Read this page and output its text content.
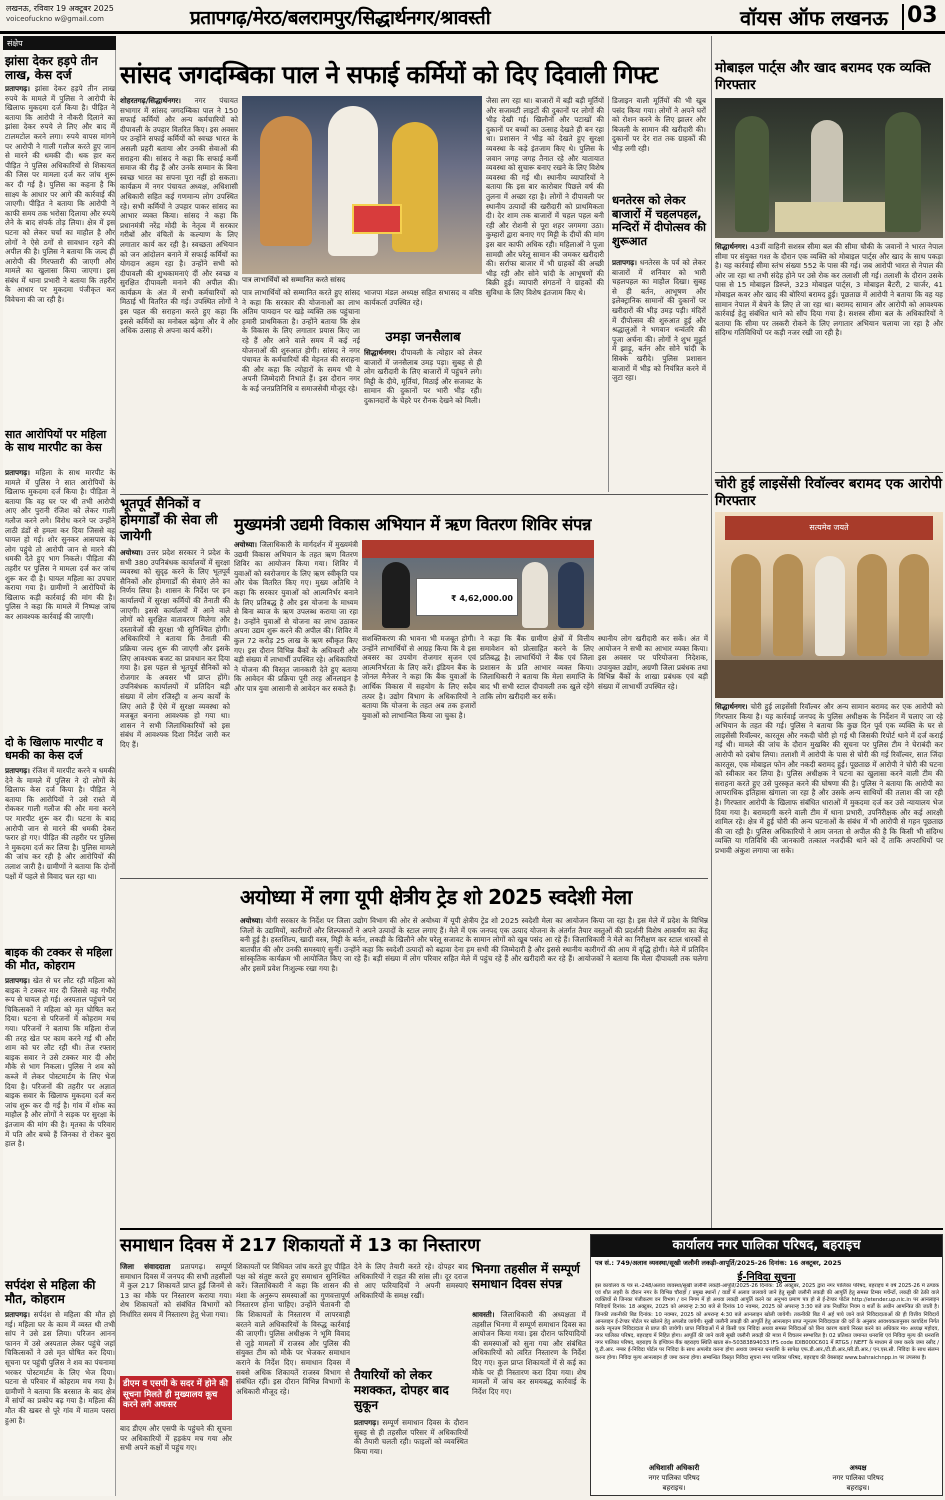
लखनऊ, रविवार 19 अक्टूबर 2025
voiceofuckno w@gmail.com	प्रतापगढ़/मेरठ/बलरामपुर/सिद्धार्थनगर/श्रावस्ती	वॉयस ऑफ लखनऊ 03
संक्षेप
झांसा देकर हड़पे तीन लाख, केस दर्ज
प्रतापगढ़। झांसा देकर हड़पे तीन लाख रुपये के मामले में पुलिस ने आरोपी के खिलाफ मुकदमा दर्ज किया है। पीड़ित ने बताया कि आरोपी ने नौकरी दिलाने का झांसा देकर रुपये ले लिए और बाद में टालमटोल करने लगा। रुपये वापस मांगने पर आरोपी ने गाली गलौज करते हुए जान से मारने की धमकी दी। थक हार कर पीड़ित ने पुलिस अधिकारियों से शिकायत की जिस पर मामला दर्ज कर जांच शुरू कर दी गई है। पुलिस का कहना है कि साक्ष्य के आधार पर आगे की कार्रवाई की जाएगी। पीड़ित ने बताया कि आरोपी ने काफी समय तक भरोसा दिलाया और रुपये लेने के बाद संपर्क तोड़ लिया। क्षेत्र में इस घटना को लेकर चर्चा का माहौल है और लोगों ने ऐसे ठगों से सावधान रहने की अपील की है। पुलिस ने बताया कि जल्द ही आरोपी की गिरफ्तारी की जाएगी और मामले का खुलासा किया जाएगा। इस संबंध में थाना प्रभारी ने बताया कि तहरीर के आधार पर मुकदमा पंजीकृत कर विवेचना की जा रही है।
सात आरोपियों पर महिला के साथ मारपीट का केस
प्रतापगढ़। महिला के साथ मारपीट के मामले में पुलिस ने सात आरोपियों के खिलाफ मुकदमा दर्ज किया है। पीड़िता ने बताया कि वह घर पर थी तभी आरोपी आए और पुरानी रंजिश को लेकर गाली गलौज करने लगे। विरोध करने पर उन्होंने लाठी डंडों से हमला कर दिया जिससे वह घायल हो गई। शोर सुनकर आसपास के लोग पहुंचे तो आरोपी जान से मारने की धमकी देते हुए भाग निकले। पीड़िता की तहरीर पर पुलिस ने मामला दर्ज कर जांच शुरू कर दी है। घायल महिला का उपचार कराया गया है। ग्रामीणों ने आरोपियों के खिलाफ कड़ी कार्रवाई की मांग की है। पुलिस ने कहा कि मामले में निष्पक्ष जांच कर आवश्यक कार्रवाई की जाएगी।
दो के खिलाफ मारपीट व धमकी का केस दर्ज
प्रतापगढ़। रंजिश में मारपीट करने व धमकी देने के मामले में पुलिस ने दो लोगों के खिलाफ केस दर्ज किया है। पीड़ित ने बताया कि आरोपियों ने उसे रास्ते में रोककर गाली गलौज की और मना करने पर मारपीट शुरू कर दी। घटना के बाद आरोपी जान से मारने की धमकी देकर फरार हो गए। पीड़ित की तहरीर पर पुलिस ने मुकदमा दर्ज कर लिया है। पुलिस मामले की जांच कर रही है और आरोपियों की तलाश जारी है। ग्रामीणों ने बताया कि दोनों पक्षों में पहले से विवाद चल रहा था।
बाइक की टक्कर से महिला की मौत, कोहराम
प्रतापगढ़। खेत से घर लौट रही महिला को बाइक ने टक्कर मार दी जिससे वह गंभीर रूप से घायल हो गई। अस्पताल पहुंचने पर चिकित्सकों ने महिला को मृत घोषित कर दिया। घटना से परिजनों में कोहराम मच गया। परिजनों ने बताया कि महिला रोज की तरह खेत पर काम करने गई थी और शाम को घर लौट रही थी। तेज रफ्तार बाइक सवार ने उसे टक्कर मार दी और मौके से भाग निकला। पुलिस ने शव को कब्जे में लेकर पोस्टमार्टम के लिए भेज दिया है। परिजनों की तहरीर पर अज्ञात बाइक सवार के खिलाफ मुकदमा दर्ज कर जांच शुरू कर दी गई है। गांव में शोक का माहौल है और लोगों ने सड़क पर सुरक्षा के इंतजाम की मांग की है। मृतका के परिवार में पति और बच्चे हैं जिनका रो रोकर बुरा हाल है।
सर्पदंश से महिला की मौत, कोहराम
प्रतापगढ़। सर्पदंश से महिला की मौत हो गई। महिला घर के काम में व्यस्त थी तभी सांप ने उसे डस लिया। परिजन आनन फानन में उसे अस्पताल लेकर पहुंचे जहां चिकित्सकों ने उसे मृत घोषित कर दिया। सूचना पर पहुंची पुलिस ने शव का पंचनामा भरकर पोस्टमार्टम के लिए भेज दिया। घटना से परिवार में कोहराम मच गया है। ग्रामीणों ने बताया कि बरसात के बाद क्षेत्र में सांपों का प्रकोप बढ़ गया है। महिला की मौत की खबर से पूरे गांव में मातम पसरा हुआ है।
सांसद जगदम्बिका पाल ने सफाई कर्मियों को दिए दिवाली गिफ्ट
शोहरतगढ़/सिद्धार्थनगर। नगर पंचायत सभागार में सांसद जगदम्बिका पाल ने 150 सफाई कर्मियों और अन्य कर्मचारियों को दीपावली के उपहार वितरित किए। इस अवसर पर उन्होंने सफाई कर्मियों को स्वच्छ भारत के असली प्रहरी बताया और उनकी सेवाओं की सराहना की। सांसद ने कहा कि सफाई कर्मी समाज की रीढ़ हैं और उनके सम्मान के बिना स्वच्छ भारत का सपना पूरा नहीं हो सकता। कार्यक्रम में नगर पंचायत अध्यक्ष, अधिशासी अधिकारी सहित कई गणमान्य लोग उपस्थित रहे। सभी कर्मियों ने उपहार पाकर सांसद का आभार व्यक्त किया। सांसद ने कहा कि प्रधानमंत्री नरेंद्र मोदी के नेतृत्व में सरकार गरीबों और वंचितों के कल्याण के लिए लगातार कार्य कर रही है। स्वच्छता अभियान को जन आंदोलन बनाने में सफाई कर्मियों का योगदान अहम रहा है। उन्होंने सभी को दीपावली की शुभकामनाएं दीं और स्वच्छ व सुरक्षित दीपावली मनाने की अपील की। कार्यक्रम के अंत में सभी कर्मचारियों को मिठाई भी वितरित की गई। उपस्थित लोगों ने इस पहल की सराहना करते हुए कहा कि इससे कर्मियों का मनोबल बढ़ेगा और वे और अधिक उत्साह से अपना कार्य करेंगे।
पात्र लाभार्थियों को सम्मानित करते सांसद
पात्र लाभार्थियों को सम्मानित करते हुए सांसद ने कहा कि सरकार की योजनाओं का लाभ अंतिम पायदान पर खड़े व्यक्ति तक पहुंचाना हमारी प्राथमिकता है। उन्होंने बताया कि क्षेत्र के विकास के लिए लगातार प्रयास किए जा रहे हैं और आने वाले समय में कई नई योजनाओं की शुरुआत होगी। सांसद ने नगर पंचायत के कर्मचारियों की मेहनत की सराहना की और कहा कि त्योहारों के समय भी वे अपनी जिम्मेदारी निभाते हैं। इस दौरान नगर के कई जनप्रतिनिधि व समाजसेवी मौजूद रहे।
भाजपा मंडल अध्यक्ष सहित सभासद व वरिष्ठ कार्यकर्ता उपस्थित रहे।
उमड़ा जनसैलाब
सिद्धार्थनगर। दीपावली के त्योहार को लेकर बाजारों में जनसैलाब उमड़ पड़ा। सुबह से ही लोग खरीदारी के लिए बाजारों में पहुंचने लगे। मिट्टी के दीये, मूर्तियां, मिठाई और सजावट के सामान की दुकानों पर भारी भीड़ रही। दुकानदारों के चेहरे पर रौनक देखने को मिली।
जैसा लग रहा था। बाजारों में बड़ी बड़ी मूर्तियों और सजावटी लाइटों की दुकानों पर लोगों की भीड़ देखी गई। खिलौनों और पटाखों की दुकानों पर बच्चों का उत्साह देखते ही बन रहा था। प्रशासन ने भीड़ को देखते हुए सुरक्षा व्यवस्था के कड़े इंतजाम किए थे। पुलिस के जवान जगह जगह तैनात रहे और यातायात व्यवस्था को सुचारू बनाए रखने के लिए विशेष व्यवस्था की गई थी। स्थानीय व्यापारियों ने बताया कि इस बार कारोबार पिछले वर्ष की तुलना में अच्छा रहा है। लोगों ने दीपावली पर स्थानीय उत्पादों की खरीदारी को प्राथमिकता दी। देर शाम तक बाजारों में चहल पहल बनी रही और रोशनी से पूरा शहर जगमगा उठा। कुम्हारों द्वारा बनाए गए मिट्टी के दीयों की मांग इस बार काफी अधिक रही। महिलाओं ने पूजा सामग्री और घरेलू सामान की जमकर खरीदारी की। सर्राफा बाजार में भी ग्राहकों की अच्छी भीड़ रही और सोने चांदी के आभूषणों की बिक्री हुई। व्यापारी संगठनों ने ग्राहकों की सुविधा के लिए विशेष इंतजाम किए थे।
डिजाइन वाली मूर्तियों की भी खूब पसंद किया गया। लोगों ने अपने घरों को रोशन करने के लिए झालर और बिजली के सामान की खरीदारी की। दुकानों पर देर रात तक ग्राहकों की भीड़ लगी रही।
धनतेरस को लेकर बाजारों में चहलपहल, मन्दिरों में दीपोत्सव की शुरूआत
प्रतापगढ़। धनतेरस के पर्व को लेकर बाजारों में शनिवार को भारी चहलपहल का माहौल दिखा। सुबह से ही बर्तन, आभूषण और इलेक्ट्रानिक सामानों की दुकानों पर खरीदारों की भीड़ उमड़ पड़ी। मंदिरों में दीपोत्सव की शुरुआत हुई और श्रद्धालुओं ने भगवान धन्वंतरि की पूजा अर्चना की। लोगों ने शुभ मुहूर्त में झाड़ू, बर्तन और सोने चांदी के सिक्के खरीदे। पुलिस प्रशासन बाजारों में भीड़ को नियंत्रित करने में जुटा रहा।
भूतपूर्व सैनिकों व होमगार्डों की सेवा ली जायेगी
अयोध्या। उत्तर प्रदेश सरकार ने प्रदेश के सभी 380 उपनिबंधक कार्यालयों में सुरक्षा व्यवस्था को सुदृढ़ करने के लिए भूतपूर्व सैनिकों और होमगार्डों की सेवाएं लेने का निर्णय लिया है। शासन के निर्देश पर इन कार्यालयों में सुरक्षा कर्मियों की तैनाती की जाएगी। इससे कार्यालयों में आने वाले लोगों को सुरक्षित वातावरण मिलेगा और दस्तावेजों की सुरक्षा भी सुनिश्चित होगी। अधिकारियों ने बताया कि तैनाती की प्रक्रिया जल्द शुरू की जाएगी और इसके लिए आवश्यक बजट का प्रावधान कर दिया गया है। इस पहल से भूतपूर्व सैनिकों को रोजगार के अवसर भी प्राप्त होंगे। उपनिबंधक कार्यालयों में प्रतिदिन बड़ी संख्या में लोग रजिस्ट्री व अन्य कार्यों के लिए आते हैं ऐसे में सुरक्षा व्यवस्था को मजबूत बनाना आवश्यक हो गया था। शासन ने सभी जिलाधिकारियों को इस संबंध में आवश्यक दिशा निर्देश जारी कर दिए हैं।
मुख्यमंत्री उद्यमी विकास अभियान में ऋण वितरण शिविर संपन्न
अयोध्या। जिलाधिकारी के मार्गदर्शन में मुख्यमंत्री उद्यमी विकास अभियान के तहत ऋण वितरण शिविर का आयोजन किया गया। शिविर में युवाओं को स्वरोजगार के लिए ऋण स्वीकृति पत्र और चेक वितरित किए गए। मुख्य अतिथि ने कहा कि सरकार युवाओं को आत्मनिर्भर बनाने के लिए प्रतिबद्ध है और इस योजना के माध्यम से बिना ब्याज के ऋण उपलब्ध कराया जा रहा है। उन्होंने युवाओं से योजना का लाभ उठाकर अपना उद्यम शुरू करने की अपील की। शिविर में कुल 72 करोड़ 25 लाख के ऋण स्वीकृत किए गए। इस दौरान विभिन्न बैंकों के अधिकारी और बड़ी संख्या में लाभार्थी उपस्थित रहे। अधिकारियों ने योजना की विस्तृत जानकारी देते हुए बताया कि आवेदन की प्रक्रिया पूरी तरह ऑनलाइन है और पात्र युवा आसानी से आवेदन कर सकते हैं।
₹ 4,62,000.00
सशक्तिकरण की भावना भी मजबूत होगी। उन्होंने लाभार्थियों से आग्रह किया कि वे इस अवसर का उपयोग रोजगार सृजन एवं आत्मनिर्भरता के लिए करें। इंडियन बैंक के जोनल मैनेजर ने कहा कि बैंक युवाओं के आर्थिक विकास में सहयोग के लिए सदैव तत्पर है। उद्योग विभाग के अधिकारियों ने बताया कि योजना के तहत अब तक हजारों युवाओं को लाभान्वित किया जा चुका है।
ने कहा कि बैंक ग्रामीण क्षेत्रों में वित्तीय समावेशन को प्रोत्साहित करने के लिए प्रतिबद्ध है। लाभार्थियों ने बैंक एवं जिला प्रशासन के प्रति आभार व्यक्त किया। जिलाधिकारी ने बताया कि मेला समाप्ति के बाद भी सभी स्टाल दीपावली तक खुले रहेंगे ताकि लोग खरीदारी कर सकें।
स्थानीय लोग खरीदारी कर सकें। अंत में आयोजन ने सभी का आभार व्यक्त किया। इस अवसर पर परियोजना निदेशक, उपायुक्त उद्योग, अग्रणी जिला प्रबंधक तथा विभिन्न बैंकों के शाखा प्रबंधक एवं बड़ी संख्या में लाभार्थी उपस्थित रहे।
अयोध्या में लगा यूपी क्षेत्रीय ट्रेड शो 2025 स्वदेशी मेला
अयोध्या। योगी सरकार के निर्देश पर जिला उद्योग विभाग की ओर से अयोध्या में यूपी क्षेत्रीय ट्रेड शो 2025 स्वदेशी मेला का आयोजन किया जा रहा है। इस मेले में प्रदेश के विभिन्न जिलों के उद्यमियों, कारीगरों और शिल्पकारों ने अपने उत्पादों के स्टाल लगाए हैं। मेले में एक जनपद एक उत्पाद योजना के अंतर्गत तैयार वस्तुओं की प्रदर्शनी विशेष आकर्षण का केंद्र बनी हुई है। हस्तशिल्प, खादी वस्त्र, मिट्टी के बर्तन, लकड़ी के खिलौने और घरेलू सजावट के सामान लोगों को खूब पसंद आ रहे हैं। जिलाधिकारी ने मेले का निरीक्षण कर स्टाल धारकों से बातचीत की और उनकी समस्याएं सुनीं। उन्होंने कहा कि स्वदेशी उत्पादों को बढ़ावा देना हम सभी की जिम्मेदारी है और इससे स्थानीय कारीगरों की आय में वृद्धि होगी। मेले में प्रतिदिन सांस्कृतिक कार्यक्रम भी आयोजित किए जा रहे हैं। बड़ी संख्या में लोग परिवार सहित मेले में पहुंच रहे हैं और खरीदारी कर रहे हैं। आयोजकों ने बताया कि मेला दीपावली तक चलेगा और इसमें प्रवेश निःशुल्क रखा गया है।
मोबाइल पार्ट्स और खाद बरामद एक व्यक्ति गिरफ्तार
सिद्धार्थनगर। 43वीं वाहिनी सशस्त्र सीमा बल की सीमा चौकी के जवानों ने भारत नेपाल सीमा पर संयुक्त गश्त के दौरान एक व्यक्ति को मोबाइल पार्ट्स और खाद के साथ पकड़ा है। यह कार्रवाई सीमा स्तंभ संख्या 552 के पास की गई। जब आरोपी भारत से नेपाल की ओर जा रहा था तभी संदेह होने पर उसे रोक कर तलाशी ली गई। तलाशी के दौरान उसके पास से 15 मोबाइल डिस्प्ले, 323 मोबाइल पार्ट्स, 3 मोबाइल बैटरी, 2 चार्जर, 41 मोबाइल कवर और खाद की बोरियां बरामद हुई। पूछताछ में आरोपी ने बताया कि वह यह सामान नेपाल में बेचने के लिए ले जा रहा था। बरामद सामान और आरोपी को आवश्यक कार्रवाई हेतु संबंधित थाने को सौंप दिया गया है। सशस्त्र सीमा बल के अधिकारियों ने बताया कि सीमा पर तस्करी रोकने के लिए लगातार अभियान चलाया जा रहा है और संदिग्ध गतिविधियों पर कड़ी नजर रखी जा रही है।
चोरी हुई लाइसेंसी रिवॉल्वर बरामद एक आरोपी गिरफ्तार
सत्यमेव जयते
सिद्धार्थनगर। चोरी हुई लाइसेंसी रिवॉल्वर और अन्य सामान बरामद कर एक आरोपी को गिरफ्तार किया है। यह कार्रवाई जनपद के पुलिस अधीक्षक के निर्देशन में चलाए जा रहे अभियान के तहत की गई। पुलिस ने बताया कि कुछ दिन पूर्व एक व्यक्ति के घर से लाइसेंसी रिवॉल्वर, कारतूस और नकदी चोरी हो गई थी जिसकी रिपोर्ट थाने में दर्ज कराई गई थी। मामले की जांच के दौरान मुखबिर की सूचना पर पुलिस टीम ने घेराबंदी कर आरोपी को दबोच लिया। तलाशी में आरोपी के पास से चोरी की गई रिवॉल्वर, सात जिंदा कारतूस, एक मोबाइल फोन और नकदी बरामद हुई। पूछताछ में आरोपी ने चोरी की घटना को स्वीकार कर लिया है। पुलिस अधीक्षक ने घटना का खुलासा करने वाली टीम की सराहना करते हुए उसे पुरस्कृत करने की घोषणा की है। पुलिस ने बताया कि आरोपी का आपराधिक इतिहास खंगाला जा रहा है और उसके अन्य साथियों की तलाश की जा रही है। गिरफ्तार आरोपी के खिलाफ संबंधित धाराओं में मुकदमा दर्ज कर उसे न्यायालय भेज दिया गया है। बरामदगी करने वाली टीम में थाना प्रभारी, उपनिरीक्षक और कई आरक्षी शामिल रहे। क्षेत्र में हुई चोरी की अन्य घटनाओं के संबंध में भी आरोपी से गहन पूछताछ की जा रही है। पुलिस अधिकारियों ने आम जनता से अपील की है कि किसी भी संदिग्ध व्यक्ति या गतिविधि की जानकारी तत्काल नजदीकी थाने को दें ताकि अपराधियों पर प्रभावी अंकुश लगाया जा सके।
समाधान दिवस में 217 शिकायतों में 13 का निस्तारण
जिला संवाददाता प्रतापगढ़। सम्पूर्ण समाधान दिवस में जनपद की सभी तहसीलों में कुल 217 शिकायतें प्राप्त हुईं जिनमें से 13 का मौके पर निस्तारण कराया गया। शेष शिकायतों को संबंधित विभागों को निर्धारित समय में निस्तारण हेतु भेजा गया।
डीएम व एसपी के सदर में होने की सूचना मिलते ही मुख्यालय कूच करने लगे अफसर
बाद डीएम और एसपी के पहुंचने की सूचना पर अधिकारियों में हड़कंप मच गया और सभी अपने कक्षों में पहुंच गए।
शिकायतों पर विधिवत जांच करते हुए पीड़ित पक्ष को संतुष्ट करते हुए समाधान सुनिश्चित करें। जिलाधिकारी ने कहा कि शासन की मंशा के अनुरूप समस्याओं का गुणवत्तापूर्ण निस्तारण होना चाहिए। उन्होंने चेतावनी दी कि शिकायतों के निस्तारण में लापरवाही बरतने वाले अधिकारियों के विरुद्ध कार्रवाई की जाएगी। पुलिस अधीक्षक ने भूमि विवाद से जुड़े मामलों में राजस्व और पुलिस की संयुक्त टीम को मौके पर भेजकर समाधान कराने के निर्देश दिए। समाधान दिवस में सबसे अधिक शिकायतें राजस्व विभाग से संबंधित रहीं। इस दौरान विभिन्न विभागों के अधिकारी मौजूद रहे।
देने के लिए तैयारी करते रहे। दोपहर बाद अधिकारियों ने राहत की सांस ली। दूर दराज से आए फरियादियों ने अपनी समस्याएं अधिकारियों के समक्ष रखीं।
तैयारियों को लेकर मशक्कत, दोपहर बाद सुकून
प्रतापगढ़। सम्पूर्ण समाधान दिवस के दौरान सुबह से ही तहसील परिसर में अधिकारियों की तैयारी चलती रही। फाइलों को व्यवस्थित किया गया।
भिनगा तहसील में सम्पूर्ण समाधान दिवस संपन्न
श्रावस्ती। जिलाधिकारी की अध्यक्षता में तहसील भिनगा में सम्पूर्ण समाधान दिवस का आयोजन किया गया। इस दौरान फरियादियों की समस्याओं को सुना गया और संबंधित अधिकारियों को त्वरित निस्तारण के निर्देश दिए गए। कुल प्राप्त शिकायतों में से कई का मौके पर ही निस्तारण करा दिया गया। शेष मामलों में जांच कर समयबद्ध कार्रवाई के निर्देश दिए गए।
कार्यालय नगर पालिका परिषद, बहराइच
पत्र सं.: 749/अलाव व्यवस्था/सूखी जलौनी लकड़ी-आपूर्ति/2025-26 दिनांक: 16 अक्टूबर, 2025
ई-निविदा सूचना
इस कार्यालय के पत्र सं.-248/अलाव व्यवस्था/सूखी जलौनी लकड़ी-आपूर्ति/2025-26 दिनांक: 16 अक्टूबर, 2025 द्वारा नगर पालिका परिषद, बहराइच में वर्ष 2025-26 में ठण्डक एवं शीत लहरी के दौरान नगर के विभिन्न चौराहों / प्रमुख स्थानों / वार्डों में अलाव जलवाये जाने हेतु सूखी जलौनी लकड़ी की आपूर्ति हेतु समस्त टिम्बर मर्चेन्टों, लकड़ी की ठेकी वाले व्यक्तियों से जिनका पंजीकरण वन विभाग / वन निगम में हो अथवा लकड़ी आपूर्ति करने का अनुभव प्रमाण पत्र हो से ई-टेण्डर पोर्टल http://etender.up.nic.in पर आनलाइन निविदायें दिनांक: 18 अक्टूबर, 2025 को अपरान्ह 2:30 बजे से दिनांक 10 नवम्बर, 2025 को अपरान्ह 3:30 बजे तक निर्धारित नियम व शर्तों के अधीन आमन्त्रित की जाती है। जिनकी तकनीकी बिड दिनांक: 10 नवम्बर, 2025 को अपरान्ह 4:30 बजे आनलाइन खोली जायेगी। तकनीकी बिड में अर्ह पाये जाने वाले निविदादाताओं की ही वित्तीय निविदायें आनलाइन ई-टेण्डर पोर्टल पर खोलने हेतु अपलोड जायेगी। सूखी जलौनी लकड़ी की आपूर्ति हेतु आनलाइन प्राप्त न्यूनतम निविदादाता की दरों के अनुसार आवश्यकतानुसार कार्यादेश निर्गत करके न्यूनतम निविदादाता से प्राप्त की जायेगी। प्राप्त निविदाओं में से किसी एक निविदा अथवा समस्त निविदाओं को बिना कारण बताये निरस्त करने का अधिकार मा० अध्यक्ष महोदय, नगर पालिका परिषद, बहराइच में निहित होगा। आपूर्ति की जाने वाली सूखी जलौनी लकड़ी की मात्रा में विचलन सम्भावित है। 02 प्रतिशत जमानत धनराशि एवं निविदा मूल्य की धनराशि नगर पालिका परिषद, बहराइच के इण्डियन बैंक बहराइच स्थिति खाता सं०-50383894033 IFS code IDIB000C601 में RTGS / NEFT के माध्यम से जमा करके जमा रसीद / यू.टी.आर. नम्बर ई-निविदा पोर्टल पर निविदा के साथ अपलोड करना होगा अथवा जमानत धनराशि के सापेक्ष एफ.डी.आर./टी.डी.आर./सी.डी.आर./ एन.एस.सी. निविदा के साथ संलग्न करना होगा। निविदा मूल्य आनलाइन ही जमा करना होगा। सम्बन्धित विस्तृत निविदा सूचना नगर पालिका परिषद, बहराइच की वेबसाइट www.bahraichnpp.in पर उपलब्ध है।
अधिशासी अधिकारी
नगर पालिका परिषद
बहराइच।
अध्यक्ष
नगर पालिका परिषद
बहराइच।
